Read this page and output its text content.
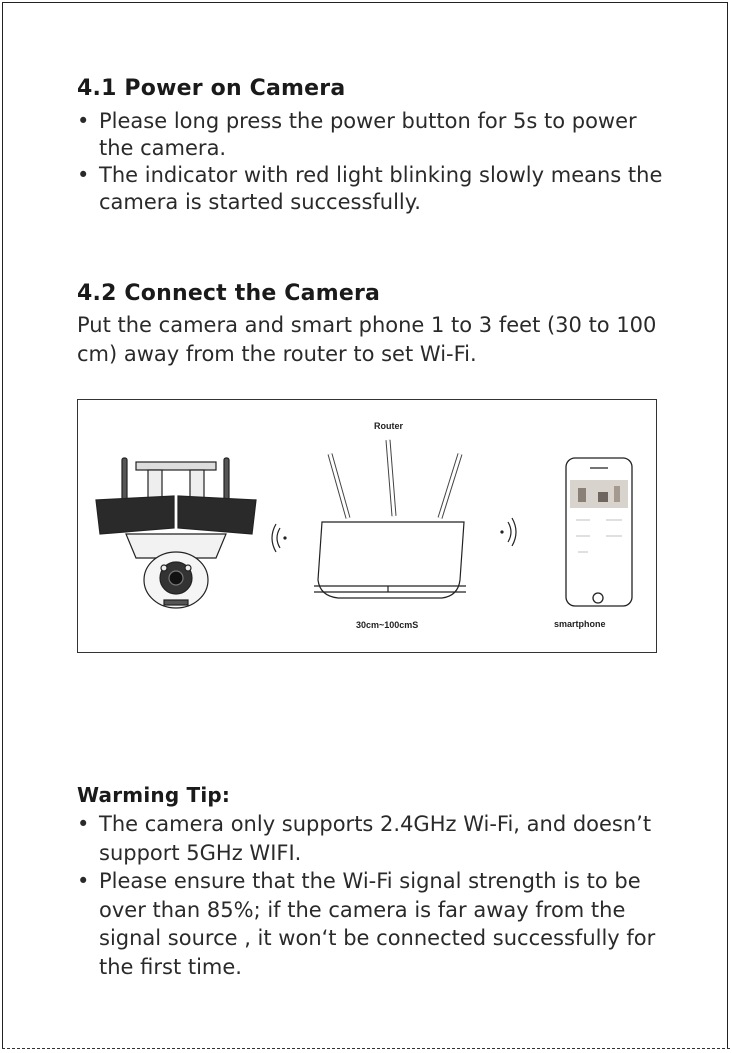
4.1 Power on Camera
• Please long press the power button for 5s to power the camera.
• The indicator with red light blinking slowly means the camera is started successfully.
4.2 Connect the Camera

Put the camera and smart phone 1 to 3 feet (30 to 100 cm) away from the router to set Wi-Fi.

Router
30cm~100cmS	smartphone
Warming Tip:
• The camera only supports 2.4GHz Wi-Fi, and doesn’t support 5GHz WIFI.
• Please ensure that the Wi-Fi signal strength is to be over than 85%; if the camera is far away from the signal source , it won‘t be connected successfully for the first time.
